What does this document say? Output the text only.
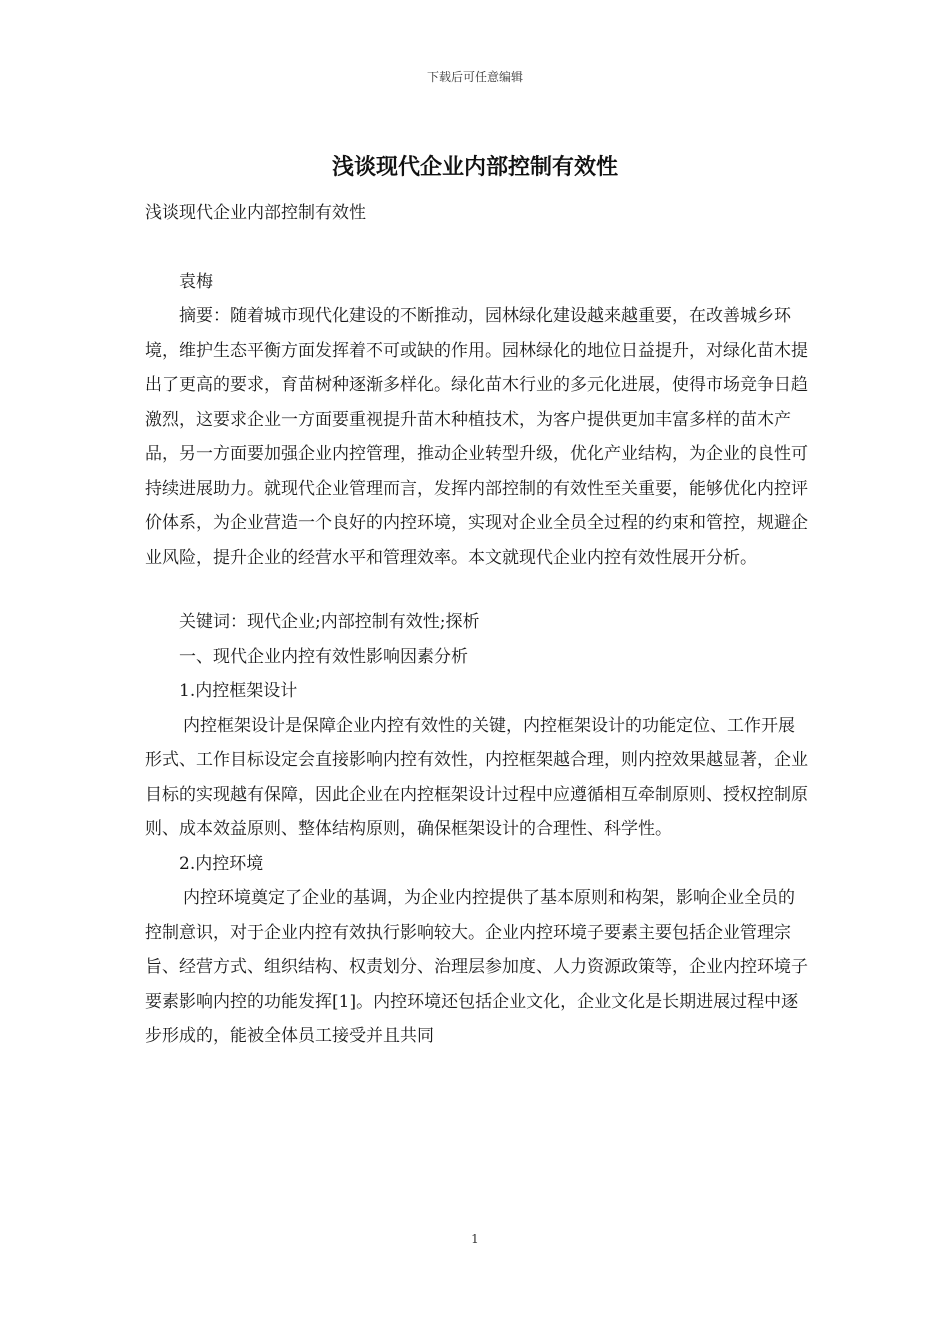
下载后可任意编辑
浅谈现代企业内部控制有效性

浅谈现代企业内部控制有效性

袁梅

摘要：随着城市现代化建设的不断推动，园林绿化建设越来越重要，在改善城乡环境，维护生态平衡方面发挥着不可或缺的作用。园林绿化的地位日益提升，对绿化苗木提出了更高的要求，育苗树种逐渐多样化。绿化苗木行业的多元化进展，使得市场竞争日趋激烈，这要求企业一方面要重视提升苗木种植技术，为客户提供更加丰富多样的苗木产品，另一方面要加强企业内控管理，推动企业转型升级，优化产业结构，为企业的良性可持续进展助力。就现代企业管理而言，发挥内部控制的有效性至关重要，能够优化内控评价体系，为企业营造一个良好的内控环境，实现对企业全员全过程的约束和管控，规避企业风险，提升企业的经营水平和管理效率。本文就现代企业内控有效性展开分析。

关键词：现代企业;内部控制有效性;探析

一、现代企业内控有效性影响因素分析

1.内控框架设计

内控框架设计是保障企业内控有效性的关键，内控框架设计的功能定位、工作开展形式、工作目标设定会直接影响内控有效性，内控框架越合理，则内控效果越显著，企业目标的实现越有保障，因此企业在内控框架设计过程中应遵循相互牵制原则、授权控制原则、成本效益原则、整体结构原则，确保框架设计的合理性、科学性。

2.内控环境

内控环境奠定了企业的基调，为企业内控提供了基本原则和构架，影响企业全员的控制意识，对于企业内控有效执行影响较大。企业内控环境子要素主要包括企业管理宗旨、经营方式、组织结构、权责划分、治理层参加度、人力资源政策等，企业内控环境子要素影响内控的功能发挥[1]。内控环境还包括企业文化，企业文化是长期进展过程中逐步形成的，能被全体员工接受并且共同

1
